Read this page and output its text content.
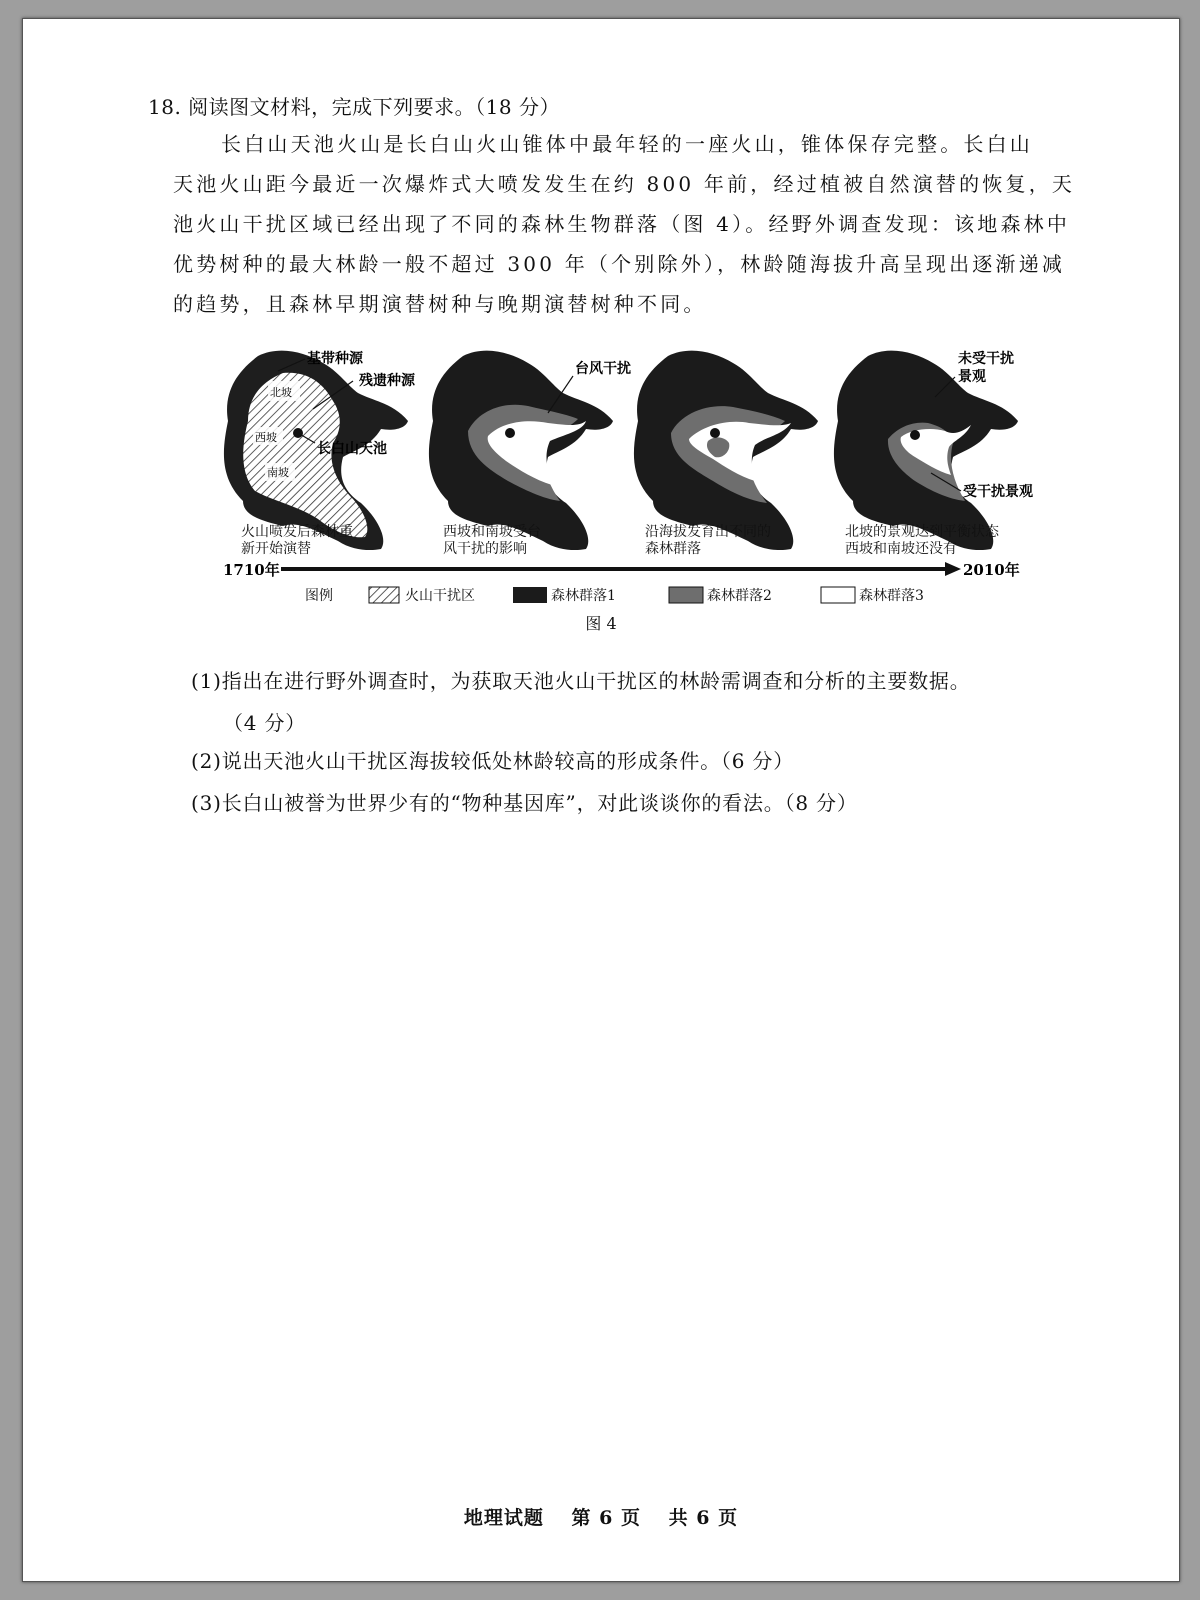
18. 阅读图文材料，完成下列要求。（18 分）
长白山天池火山是长白山火山锥体中最年轻的一座火山，锥体保存完整。长白山
天池火山距今最近一次爆炸式大喷发发生在约 800 年前，经过植被自然演替的恢复，天
池火山干扰区域已经出现了不同的森林生物群落（图 4）。经野外调查发现：该地森林中
优势树种的最大林龄一般不超过 300 年（个别除外），林龄随海拔升高呈现出逐渐递减
的趋势，且森林早期演替树种与晚期演替树种不同。
基带种源
残遗种源
长白山天池
北坡
西坡
南坡
台风干扰
未受干扰 景观
受干扰景观
火山喷发后森林重新开始演替
西坡和南坡受台风干扰的影响
沿海拔发育出不同的森林群落
北坡的景观达到平衡状态西坡和南坡还没有
1710年	2010年
图例	火山干扰区	森林群落1	森林群落2	森林群落3
图 4
(1)指出在进行野外调查时，为获取天池火山干扰区的林龄需调查和分析的主要数据。
（4 分）
(2)说出天池火山干扰区海拔较低处林龄较高的形成条件。（6 分）
(3)长白山被誉为世界少有的“物种基因库”，对此谈谈你的看法。（8 分）
地理试题 第 6 页 共 6 页
